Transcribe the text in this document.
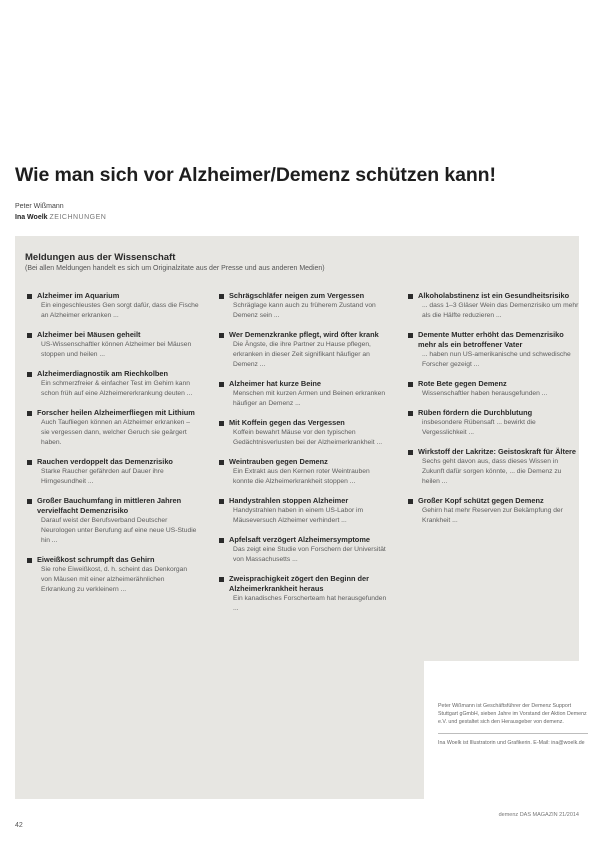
Wie man sich vor Alzheimer/Demenz schützen kann!
Peter Wißmann
Ina Woelk ZEICHNUNGEN
Meldungen aus der Wissenschaft
(Bei allen Meldungen handelt es sich um Originalzitate aus der Presse und aus anderen Medien)
Alzheimer im Aquarium
Ein eingeschleustes Gen sorgt dafür, dass die Fische an Alzheimer erkranken ...
Alzheimer bei Mäusen geheilt
US-Wissenschaftler können Alzheimer bei Mäusen stoppen und heilen ...
Alzheimerdiagnostik am Riechkolben
Ein schmerzfreier & einfacher Test im Gehirn kann schon früh auf eine Alzheimererkrankung deuten ...
Forscher heilen Alzheimerfliegen mit Lithium
Auch Taufliegen können an Alzheimer erkranken – sie vergessen dann, welcher Geruch sie geärgert haben.
Rauchen verdoppelt das Demenzrisiko
Starke Raucher gefährden auf Dauer ihre Hirngesundheit ...
Großer Bauchumfang in mittleren Jahren vervielfacht Demenzrisiko
Darauf weist der Berufsverband Deutscher Neurologen unter Berufung auf eine neue US-Studie hin ...
Eiweißkost schrumpft das Gehirn
Sie rohe Eiweißkost, d. h. scheint das Denkorgan von Mäusen mit einer alzheimerähnlichen Erkrankung zu verkleinern ...
Schrägschläfer neigen zum Vergessen
Schräglage kann auch zu früherem Zustand von Demenz sein ...
Wer Demenzkranke pflegt, wird öfter krank
Die Ängste, die ihre Partner zu Hause pflegen, erkranken in dieser Zeit signifikant häufiger an Demenz ...
Alzheimer hat kurze Beine
Menschen mit kurzen Armen und Beinen erkranken häufiger an Demenz ...
Mit Koffein gegen das Vergessen
Koffein bewahrt Mäuse vor den typischen Gedächtnisverlusten bei der Alzheimerkrankheit ...
Weintrauben gegen Demenz
Ein Extrakt aus den Kernen roter Weintrauben konnte die Alzheimerkrankheit stoppen ...
Handystrahlen stoppen Alzheimer
Handystrahlen haben in einem US-Labor im Mäuseversuch Alzheimer verhindert ...
Apfelsaft verzögert Alzheimersymptome
Das zeigt eine Studie von Forschern der Universität von Massachusetts ...
Zweisprachigkeit zögert den Beginn der Alzheimerkrankheit heraus
Ein kanadisches Forscherteam hat herausgefunden ...
Alkoholabstinenz ist ein Gesundheitsrisiko
... dass 1–3 Gläser Wein das Demenzrisiko um mehr als die Hälfte reduzieren ...
Demente Mutter erhöht das Demenzrisiko mehr als ein betroffener Vater
... haben nun US-amerikanische und schwedische Forscher gezeigt ...
Rote Bete gegen Demenz
Wissenschaftler haben herausgefunden ...
Rüben fördern die Durchblutung
insbesondere Rübensaft ... bewirkt die Vergesslichkeit ...
Wirkstoff der Lakritze: Geistoskraft für Ältere
Sechs geht davon aus, dass dieses Wissen in Zukunft dafür sorgen könnte, ... die Demenz zu heilen ...
Großer Kopf schützt gegen Demenz
Gehirn hat mehr Reserven zur Bekämpfung der Krankheit ...
Peter Wißmann ist Geschäftsführer der Demenz Support Stuttgart gGmbH, sieben Jahre im Vorstand der Aktion Demenz e.V. und gestaltet sich den Herausgeber von demenz.
Ina Woelk ist Illustratorin und Grafikerin. E-Mail: ina@woelk.de
demenz DAS MAGAZIN 21/2014
42
